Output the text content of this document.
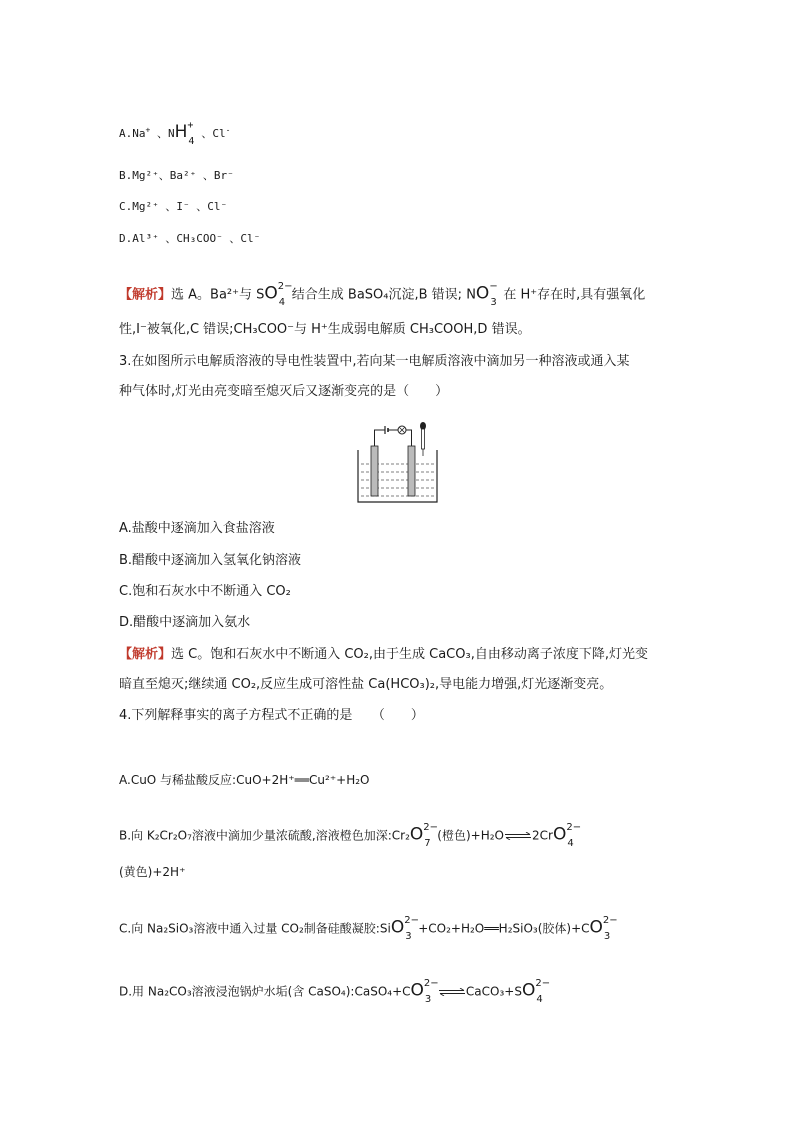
A.Na+ 、NH +
4
、Cl-
B.Mg²⁺、Ba²⁺ 、Br⁻
C.Mg²⁺ 、I⁻ 、Cl⁻
D.Al³⁺ 、CH₃COO⁻ 、Cl⁻
【解析】选 A。Ba²⁺与 SO 2−
4 结合生成 BaSO₄沉淀,B 错误; NO −
3 在 H⁺存在时,具有强氧化
性,I⁻被氧化,C 错误;CH₃COO⁻与 H⁺生成弱电解质 CH₃COOH,D 错误。
3.在如图所示电解质溶液的导电性装置中,若向某一电解质溶液中滴加另一种溶液或通入某
种气体时,灯光由亮变暗至熄灭后又逐渐变亮的是（　　）
A.盐酸中逐滴加入食盐溶液
B.醋酸中逐滴加入氢氧化钠溶液
C.饱和石灰水中不断通入 CO₂
D.醋酸中逐滴加入氨水
【解析】选 C。饱和石灰水中不断通入 CO₂,由于生成 CaCO₃,自由移动离子浓度下降,灯光变
暗直至熄灭;继续通 CO₂,反应生成可溶性盐 Ca(HCO₃)₂,导电能力增强,灯光逐渐变亮。
4.下列解释事实的离子方程式不正确的是　　（　　）
A.CuO 与稀盐酸反应:CuO+2H⁺══Cu²⁺+H₂O
B.向 K₂Cr₂O₇溶液中滴加少量浓硫酸,溶液橙色加深:Cr₂O 2−
7
(橙色)+H₂O⇌2CrO 2−
4
(黄色)+2H⁺
C.向 Na₂SiO₃溶液中通入过量 CO₂制备硅酸凝胶:SiO 2−
3
+CO₂+H₂O══H₂SiO₃(胶体)+CO 2−
3
D.用 Na₂CO₃溶液浸泡锅炉水垢(含 CaSO₄):CaSO₄+CO 2−
3
⇌CaCO₃+SO 2−
4
